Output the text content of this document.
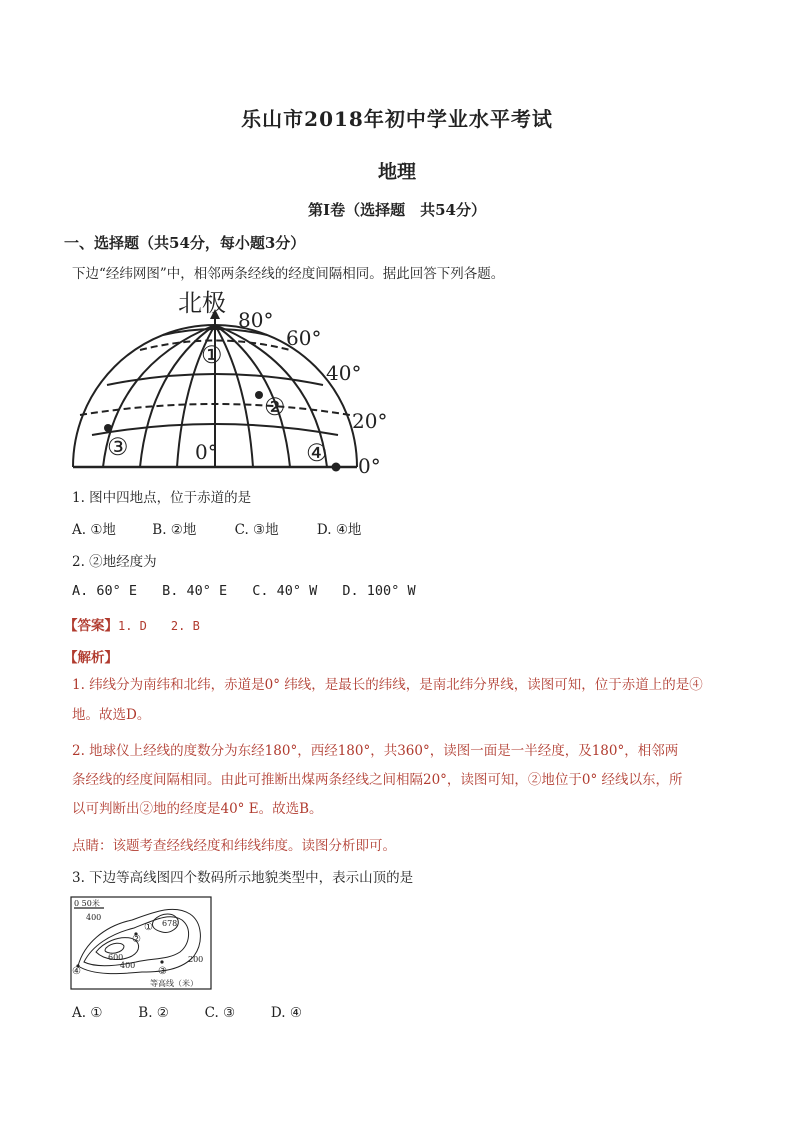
乐山市2018年初中学业水平考试
地理
第Ⅰ卷（选择题　共54分）
一、选择题（共54分，每小题3分）
下边“经纬网图”中，相邻两条经线的经度间隔相同。据此回答下列各题。
北极
80°
60°
40°
20°
0°
0°
①
②
③	④
1. 图中四地点，位于赤道的是
A. ①地	B. ②地	C. ③地	D. ④地
2. ②地经度为
A. 60° E B. 40° E C. 40° W D. 100° W
【答案】1. D　　2. B
【解析】
1. 纬线分为南纬和北纬，赤道是0° 纬线，是最长的纬线，是南北纬分界线，读图可知，位于赤道上的是④
地。故选D。
2. 地球仪上经线的度数分为东经180°，西经180°，共360°，读图一面是一半经度，及180°，相邻两
条经线的经度间隔相同。由此可推断出煤两条经线之间相隔20°，读图可知，②地位于0° 经线以东，所
以可判断出②地的经度是40° E。故选B。
点睛：该题考查经线经度和纬线纬度。读图分析即可。
3. 下边等高线图四个数码所示地貌类型中，表示山顶的是
0 50米
400
400
600
678
200
①
②
③
④
等高线（米）
A. ①	B. ②	C. ③	D. ④
